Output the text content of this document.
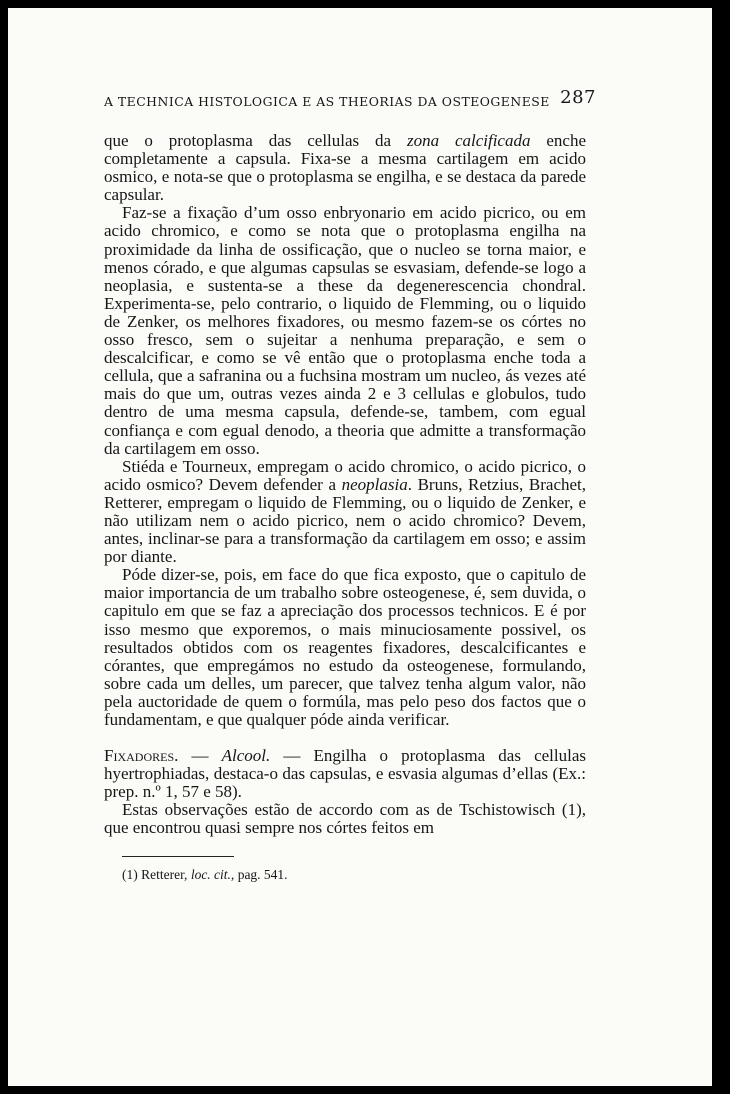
A TECHNICA HISTOLOGICA E AS THEORIAS DA OSTEOGENESE 287

que o protoplasma das cellulas da zona calcificada enche completamente a capsula. Fixa-se a mesma cartilagem em acido osmico, e nota-se que o protoplasma se engilha, e se destaca da parede capsular.

Faz-se a fixação d’um osso enbryonario em acido picrico, ou em acido chromico, e como se nota que o protoplasma engilha na proximidade da linha de ossificação, que o nucleo se torna maior, e menos córado, e que algumas capsulas se esvasiam, defende-se logo a neoplasia, e sustenta-se a these da degenerescencia chondral. Experimenta-se, pelo contrario, o liquido de Flemming, ou o liquido de Zenker, os melhores fixadores, ou mesmo fazem-se os córtes no osso fresco, sem o sujeitar a nenhuma preparação, e sem o descalcificar, e como se vê então que o protoplasma enche toda a cellula, que a safranina ou a fuchsina mostram um nucleo, ás vezes até mais do que um, outras vezes ainda 2 e 3 cellulas e globulos, tudo dentro de uma mesma capsula, defende-se, tambem, com egual confiança e com egual denodo, a theoria que admitte a transformação da cartilagem em osso.

Stiéda e Tourneux, empregam o acido chromico, o acido picrico, o acido osmico? Devem defender a neoplasia. Bruns, Retzius, Brachet, Retterer, empregam o liquido de Flemming, ou o liquido de Zenker, e não utilizam nem o acido picrico, nem o acido chromico? Devem, antes, inclinar-se para a transformação da cartilagem em osso; e assim por diante.

Póde dizer-se, pois, em face do que fica exposto, que o capitulo de maior importancia de um trabalho sobre osteogenese, é, sem duvida, o capitulo em que se faz a apreciação dos processos technicos. E é por isso mesmo que exporemos, o mais minuciosamente possivel, os resultados obtidos com os reagentes fixadores, descalcificantes e córantes, que empregámos no estudo da osteogenese, formulando, sobre cada um delles, um parecer, que talvez tenha algum valor, não pela auctoridade de quem o formúla, mas pelo peso dos factos que o fundamentam, e que qualquer póde ainda verificar.

Fixadores. — Alcool. — Engilha o protoplasma das cellulas hyertrophiadas, destaca-o das capsulas, e esvasia algumas d’ellas (Ex.: prep. n.º 1, 57 e 58).

Estas observações estão de accordo com as de Tschistowisch (1), que encontrou quasi sempre nos córtes feitos em

(1) Retterer, loc. cit., pag. 541.
